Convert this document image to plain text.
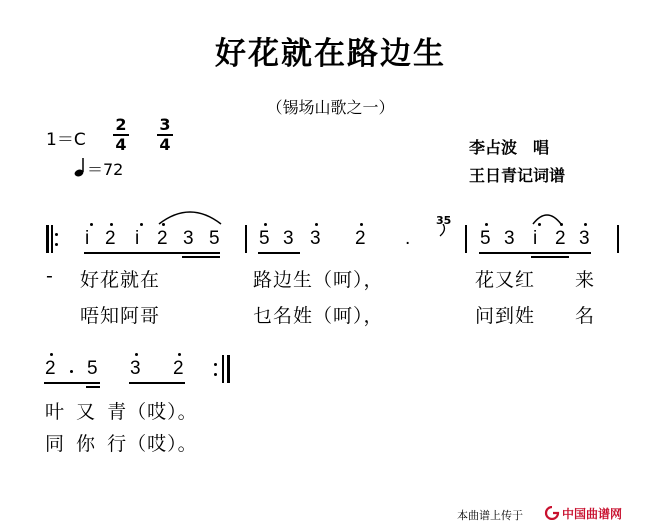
好花就在路边生
（锡场山歌之一）
1＝C
2
4
3
4
＝72
李占波　唱
王日青记词谱
i 2 i 2 3 5 5 3 3 2 .
35
5 3 i 2 3
- 好花就在	路边生（呵），	花又红 来
唔知阿哥	乜名姓（呵），	问到姓 名
2 5 3 2
叶 又 青（哎）。
同 你 行（哎）。
本曲谱上传于	中国曲谱网
